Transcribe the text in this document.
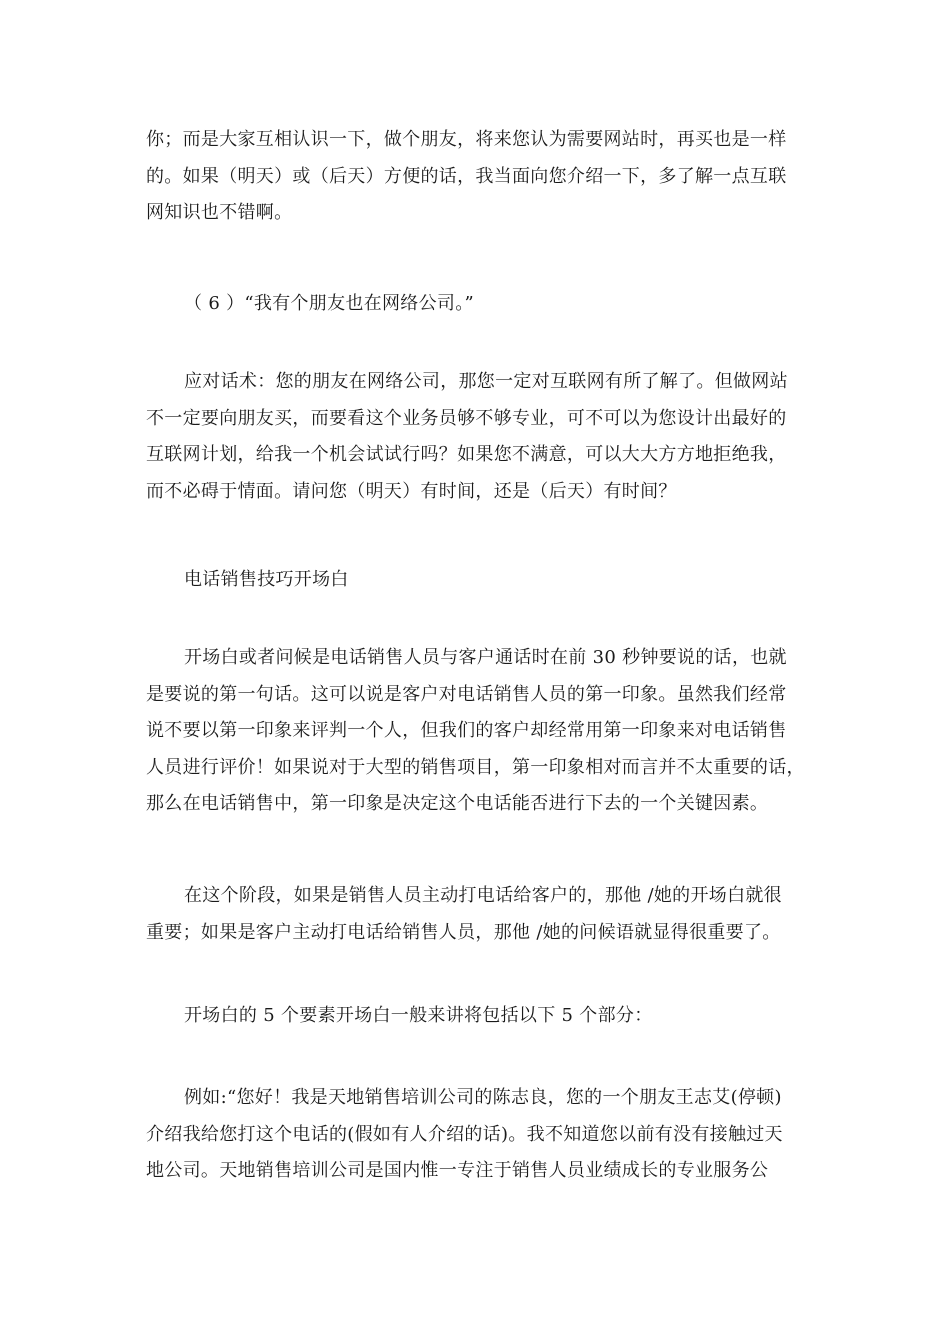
你；而是大家互相认识一下，做个朋友，将来您认为需要网站时，再买也是一样
的。如果（明天）或（后天）方便的话，我当面向您介绍一下，多了解一点互联
网知识也不错啊。
（ 6 ）“我有个朋友也在网络公司。”
应对话术：您的朋友在网络公司，那您一定对互联网有所了解了。但做网站
不一定要向朋友买，而要看这个业务员够不够专业，可不可以为您设计出最好的
互联网计划，给我一个机会试试行吗？如果您不满意，可以大大方方地拒绝我，
而不必碍于情面。请问您（明天）有时间，还是（后天）有时间？
电话销售技巧开场白
开场白或者问候是电话销售人员与客户通话时在前 30 秒钟要说的话，也就
是要说的第一句话。这可以说是客户对电话销售人员的第一印象。虽然我们经常
说不要以第一印象来评判一个人，但我们的客户却经常用第一印象来对电话销售
人员进行评价！如果说对于大型的销售项目，第一印象相对而言并不太重要的话，
那么在电话销售中，第一印象是决定这个电话能否进行下去的一个关键因素。
在这个阶段，如果是销售人员主动打电话给客户的，那他 /她的开场白就很
重要；如果是客户主动打电话给销售人员，那他 /她的问候语就显得很重要了。
开场白的 5 个要素开场白一般来讲将包括以下 5 个部分：
例如:“您好！我是天地销售培训公司的陈志良，您的一个朋友王志艾(停顿)
介绍我给您打这个电话的(假如有人介绍的话)。我不知道您以前有没有接触过天
地公司。天地销售培训公司是国内惟一专注于销售人员业绩成长的专业服务公
